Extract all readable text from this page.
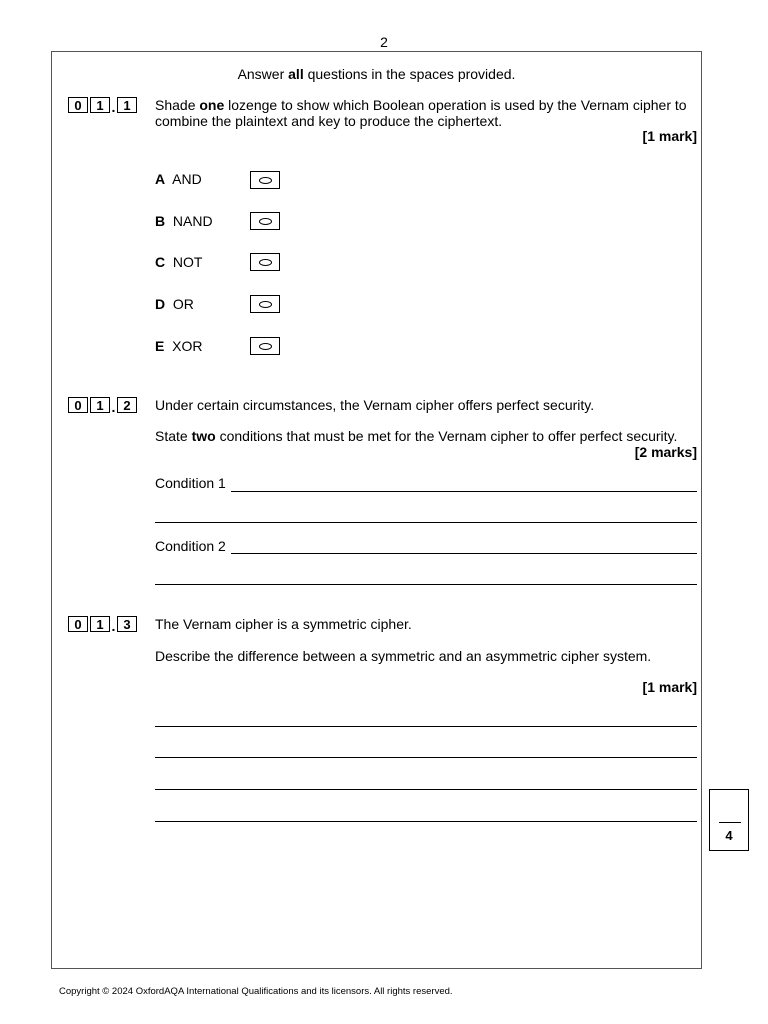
2
Answer all questions in the spaces provided.
0	1 . 1	Shade one lozenge to show which Boolean operation is used by the Vernam cipher to combine the plaintext and key to produce the ciphertext.
[1 mark]
A AND
B NAND
C NOT
D OR
E XOR
0	1 . 2	Under certain circumstances, the Vernam cipher offers perfect security.
State two conditions that must be met for the Vernam cipher to offer perfect security.
[2 marks]
Condition 1
Condition 2
0	1 . 3	The Vernam cipher is a symmetric cipher.
Describe the difference between a symmetric and an asymmetric cipher system.
[1 mark]
4
Copyright © 2024 OxfordAQA International Qualifications and its licensors. All rights reserved.
